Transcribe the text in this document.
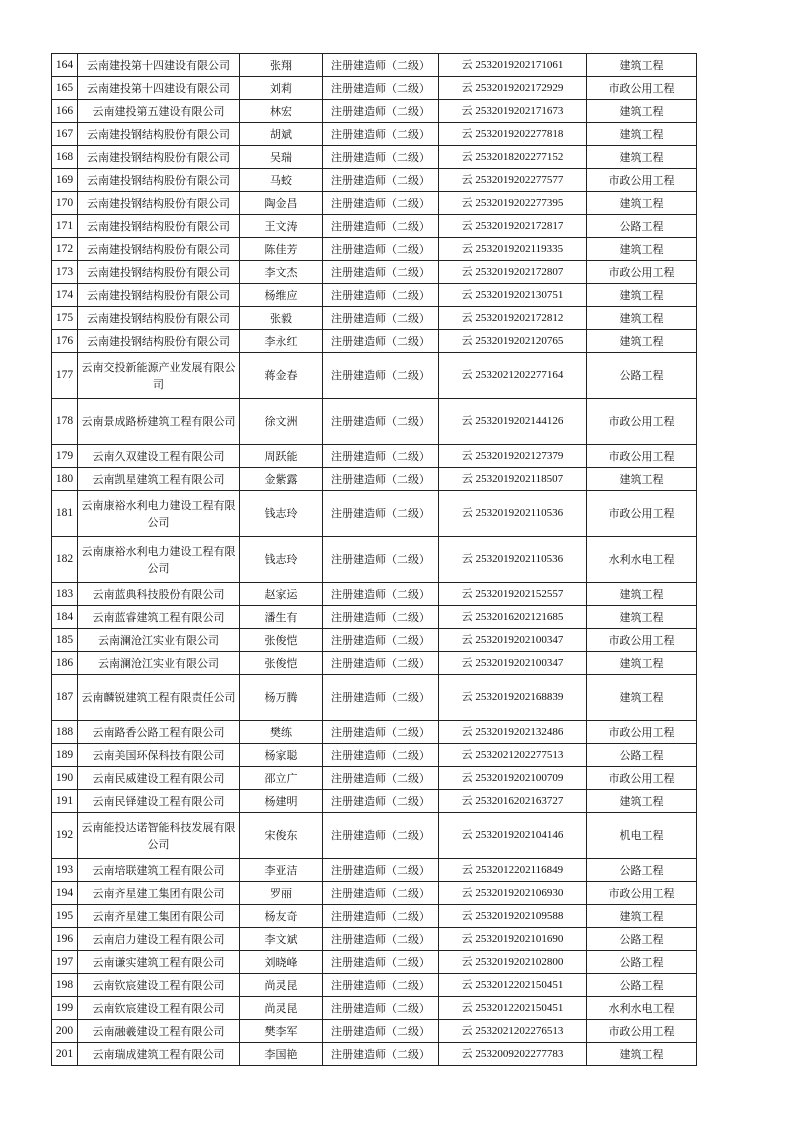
164	云南建投第十四建设有限公司	张翔	注册建造师（二级）	云 2532019202171061	建筑工程
165	云南建投第十四建设有限公司	刘莉	注册建造师（二级）	云 2532019202172929	市政公用工程
166	云南建投第五建设有限公司	林宏	注册建造师（二级）	云 2532019202171673	建筑工程
167	云南建投钢结构股份有限公司	胡斌	注册建造师（二级）	云 2532019202277818	建筑工程
168	云南建投钢结构股份有限公司	吴瑞	注册建造师（二级）	云 2532018202277152	建筑工程
169	云南建投钢结构股份有限公司	马蛟	注册建造师（二级）	云 2532019202277577	市政公用工程
170	云南建投钢结构股份有限公司	陶金昌	注册建造师（二级）	云 2532019202277395	建筑工程
171	云南建投钢结构股份有限公司	王文涛	注册建造师（二级）	云 2532019202172817	公路工程
172	云南建投钢结构股份有限公司	陈佳芳	注册建造师（二级）	云 2532019202119335	建筑工程
173	云南建投钢结构股份有限公司	李文杰	注册建造师（二级）	云 2532019202172807	市政公用工程
174	云南建投钢结构股份有限公司	杨维应	注册建造师（二级）	云 2532019202130751	建筑工程
175	云南建投钢结构股份有限公司	张毅	注册建造师（二级）	云 2532019202172812	建筑工程
176	云南建投钢结构股份有限公司	李永红	注册建造师（二级）	云 2532019202120765	建筑工程
177	云南交投新能源产业发展有限公司	蒋金春	注册建造师（二级）	云 2532021202277164	公路工程
178	云南景成路桥建筑工程有限公司	徐文洲	注册建造师（二级）	云 2532019202144126	市政公用工程
179	云南久双建设工程有限公司	周跃能	注册建造师（二级）	云 2532019202127379	市政公用工程
180	云南凯星建筑工程有限公司	金紫露	注册建造师（二级）	云 2532019202118507	建筑工程
181	云南康裕水利电力建设工程有限公司	钱志玲	注册建造师（二级）	云 2532019202110536	市政公用工程
182	云南康裕水利电力建设工程有限公司	钱志玲	注册建造师（二级）	云 2532019202110536	水利水电工程
183	云南蓝典科技股份有限公司	赵家运	注册建造师（二级）	云 2532019202152557	建筑工程
184	云南蓝睿建筑工程有限公司	潘生有	注册建造师（二级）	云 2532016202121685	建筑工程
185	云南澜沧江实业有限公司	张俊恺	注册建造师（二级）	云 2532019202100347	市政公用工程
186	云南澜沧江实业有限公司	张俊恺	注册建造师（二级）	云 2532019202100347	建筑工程
187	云南麟锐建筑工程有限责任公司	杨万腾	注册建造师（二级）	云 2532019202168839	建筑工程
188	云南路香公路工程有限公司	樊练	注册建造师（二级）	云 2532019202132486	市政公用工程
189	云南美国环保科技有限公司	杨家聪	注册建造师（二级）	云 2532021202277513	公路工程
190	云南民威建设工程有限公司	邵立广	注册建造师（二级）	云 2532019202100709	市政公用工程
191	云南民铎建设工程有限公司	杨建明	注册建造师（二级）	云 2532016202163727	建筑工程
192	云南能投达诺智能科技发展有限公司	宋俊东	注册建造师（二级）	云 2532019202104146	机电工程
193	云南培联建筑工程有限公司	李亚洁	注册建造师（二级）	云 2532012202116849	公路工程
194	云南齐星建工集团有限公司	罗丽	注册建造师（二级）	云 2532019202106930	市政公用工程
195	云南齐星建工集团有限公司	杨友奇	注册建造师（二级）	云 2532019202109588	建筑工程
196	云南启力建设工程有限公司	李文斌	注册建造师（二级）	云 2532019202101690	公路工程
197	云南谦实建筑工程有限公司	刘晓峰	注册建造师（二级）	云 2532019202102800	公路工程
198	云南钦宸建设工程有限公司	尚灵昆	注册建造师（二级）	云 2532012202150451	公路工程
199	云南钦宸建设工程有限公司	尚灵昆	注册建造师（二级）	云 2532012202150451	水利水电工程
200	云南融羲建设工程有限公司	樊李军	注册建造师（二级）	云 2532021202276513	市政公用工程
201	云南瑞成建筑工程有限公司	李国艳	注册建造师（二级）	云 2532009202277783	建筑工程
